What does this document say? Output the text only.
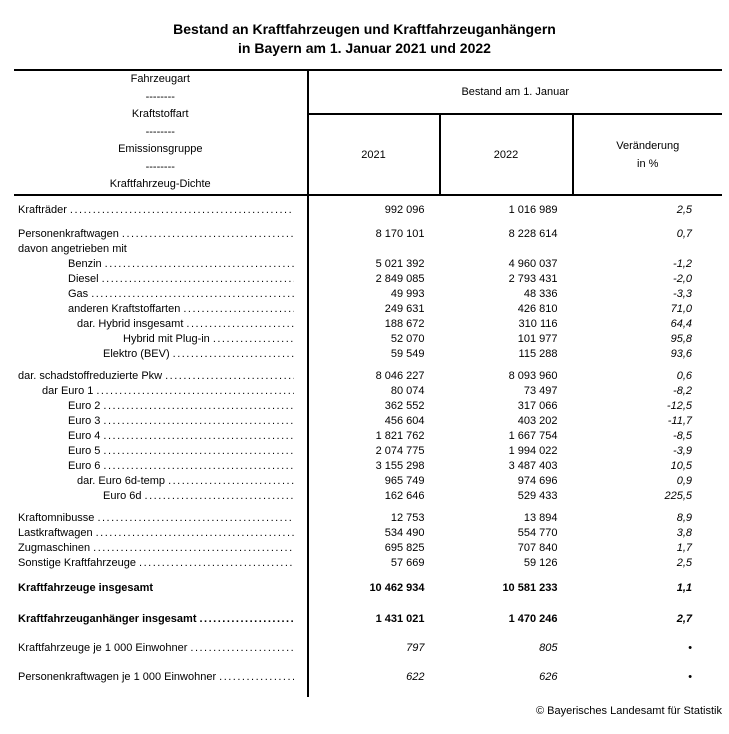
Bestand an Kraftfahrzeugen und Kraftfahrzeuganhängern
in Bayern am 1. Januar 2021 und 2022
Fahrzeugart
--------
Kraftstoffart
--------
Emissionsgruppe
--------
Kraftfahrzeug-Dichte
Bestand am 1. Januar
2021	2022
Veränderung
in %
Krafträder .....	992 096	1 016 989	2,5
Personenkraftwagen .....	8 170 101	8 228 614	0,7
davon angetrieben mit
Benzin .....	5 021 392	4 960 037	-1,2
Diesel .....	2 849 085	2 793 431	-2,0
Gas .....	49 993	48 336	-3,3
anderen Kraftstoffarten .....	249 631	426 810	71,0
dar. Hybrid insgesamt .....	188 672	310 116	64,4
Hybrid mit Plug-in .....	52 070	101 977	95,8
Elektro (BEV) .....	59 549	115 288	93,6
dar. schadstoffreduzierte Pkw .....	8 046 227	8 093 960	0,6
dar Euro 1 .....	80 074	73 497	-8,2
Euro 2 .....	362 552	317 066	-12,5
Euro 3 .....	456 604	403 202	-11,7
Euro 4 .....	1 821 762	1 667 754	-8,5
Euro 5 .....	2 074 775	1 994 022	-3,9
Euro 6 .....	3 155 298	3 487 403	10,5
dar. Euro 6d-temp .....	965 749	974 696	0,9
Euro 6d .....	162 646	529 433	225,5
Kraftomnibusse .....	12 753	13 894	8,9
Lastkraftwagen .....	534 490	554 770	3,8
Zugmaschinen .....	695 825	707 840	1,7
Sonstige Kraftfahrzeuge .....	57 669	59 126	2,5
Kraftfahrzeuge insgesamt	10 462 934	10 581 233	1,1
Kraftfahrzeuganhänger insgesamt .....	1 431 021	1 470 246	2,7
Kraftfahrzeuge je 1 000 Einwohner .....	797	805	•
Personenkraftwagen je 1 000 Einwohner .....	622	626	•
© Bayerisches Landesamt für Statistik
